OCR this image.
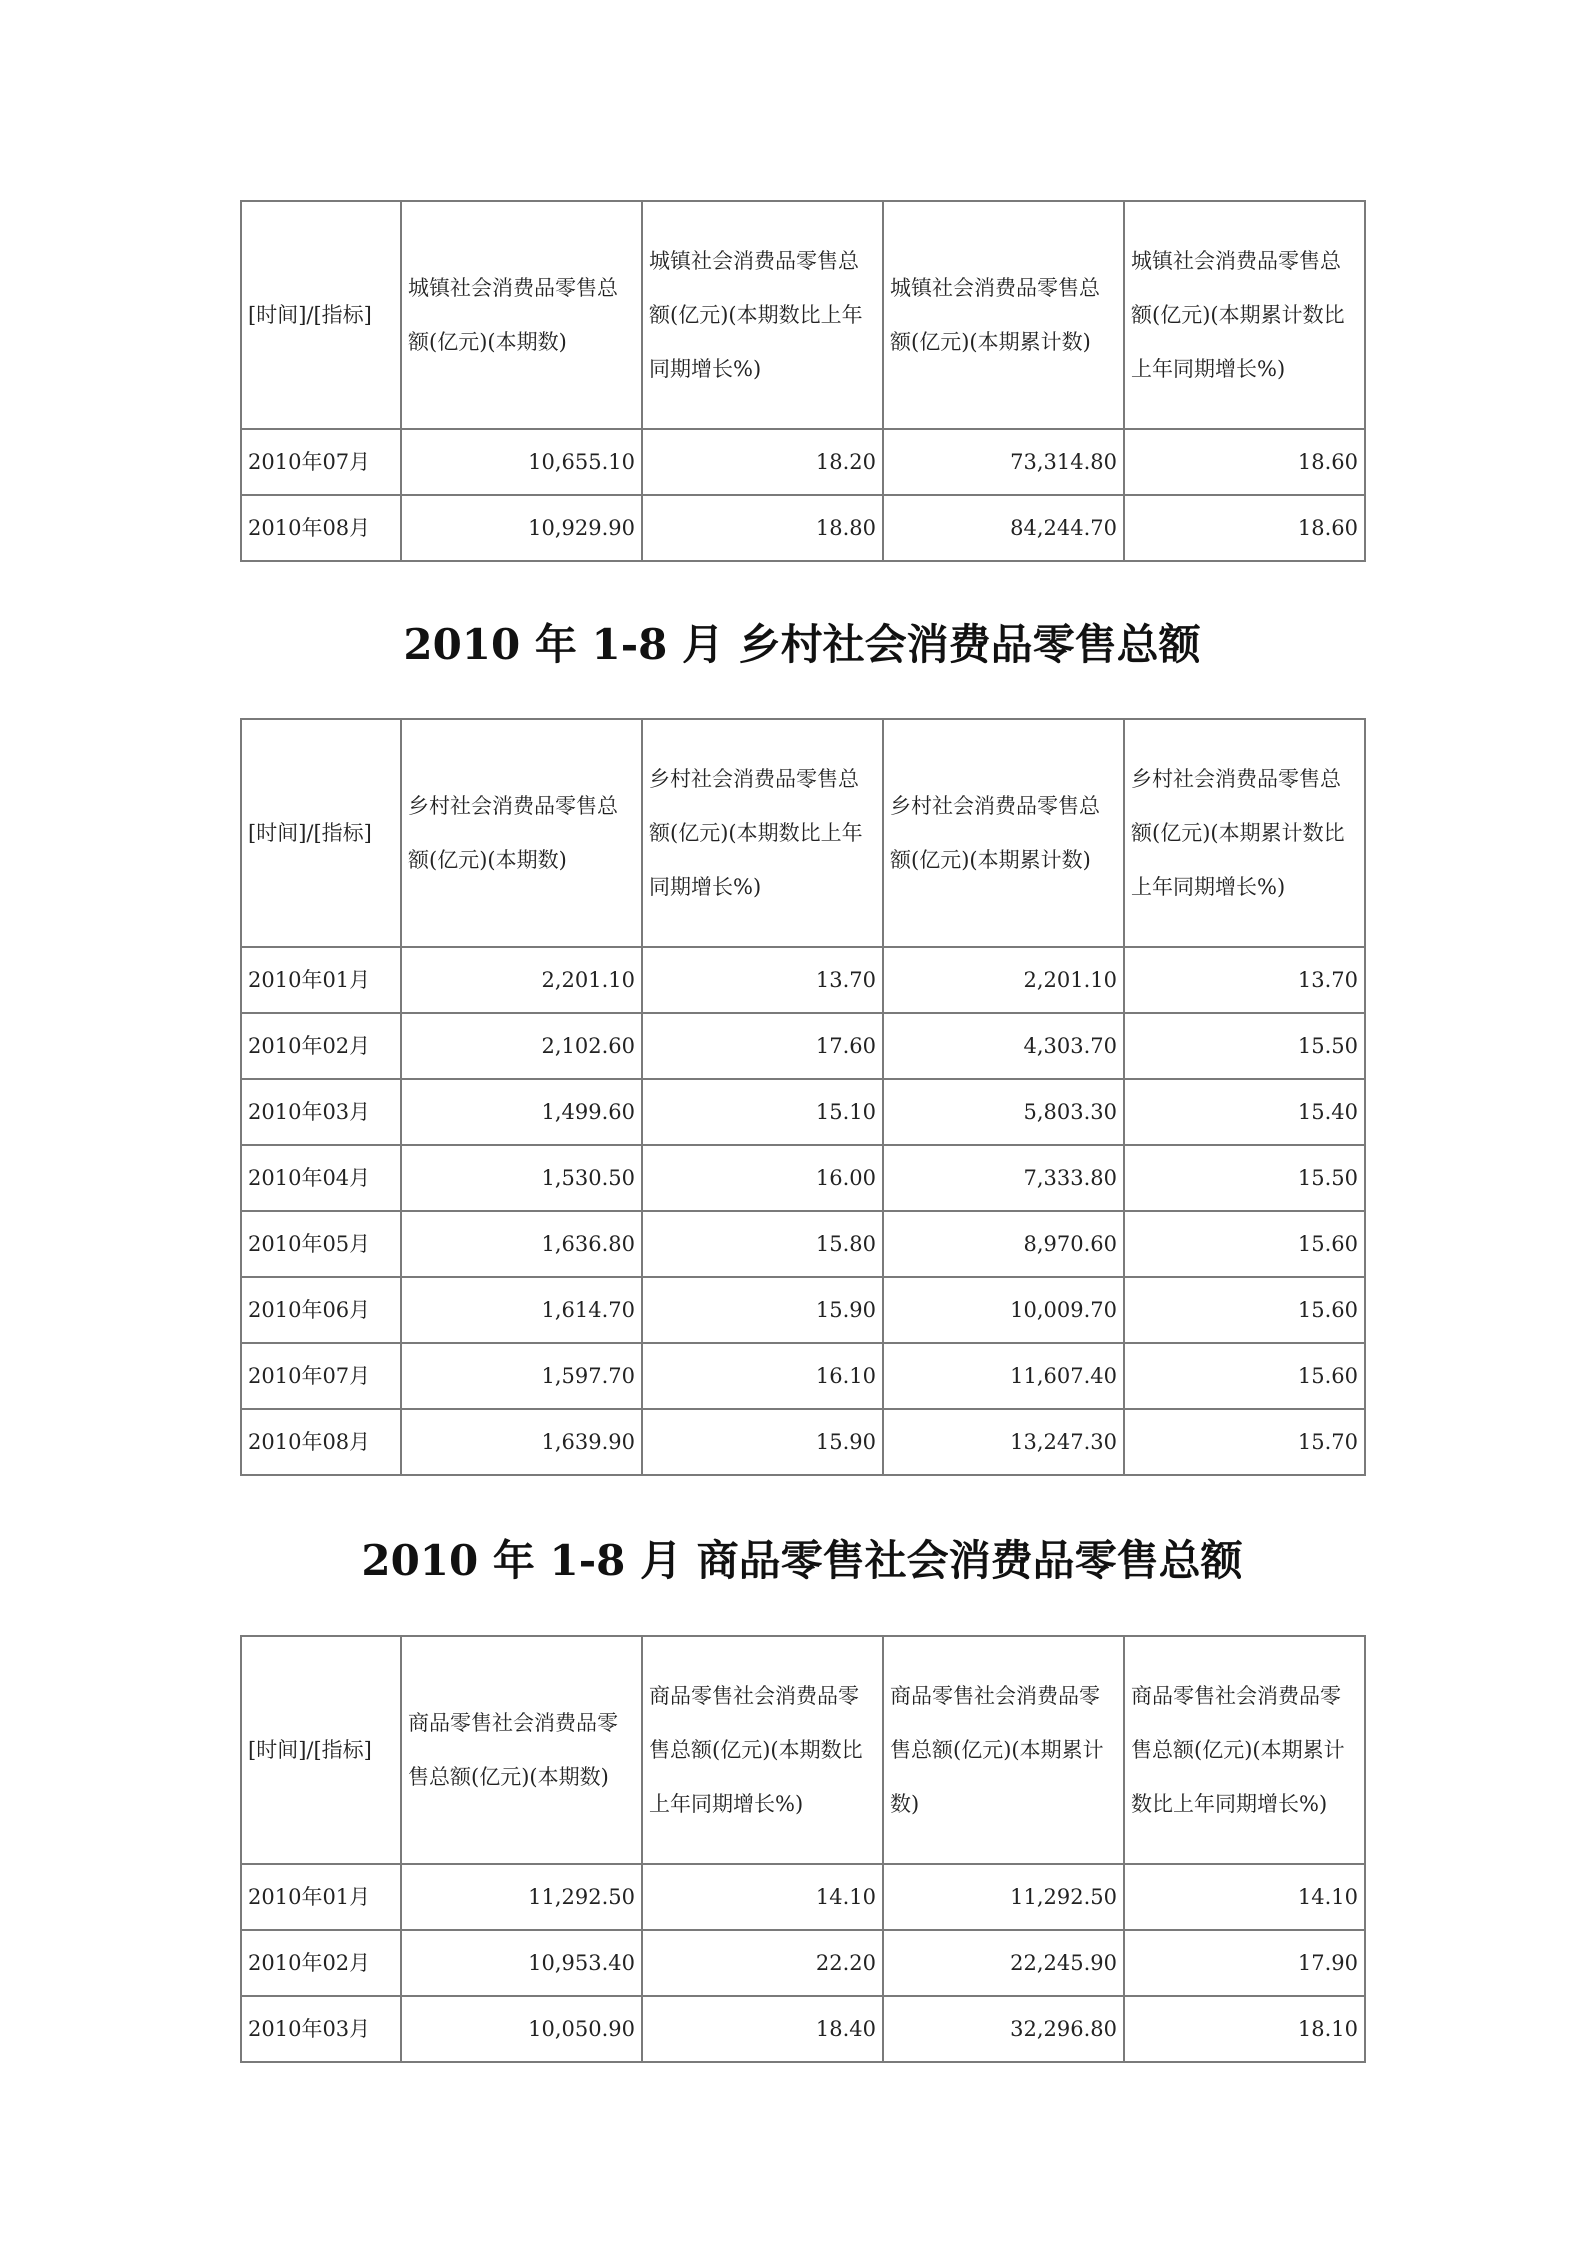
[时间]/[指标]	城镇社会消费品零售总额(亿元)(本期数)	城镇社会消费品零售总额(亿元)(本期数比上年同期增长%)	城镇社会消费品零售总额(亿元)(本期累计数)	城镇社会消费品零售总额(亿元)(本期累计数比上年同期增长%)
2010年07月	10,655.10	18.20	73,314.80	18.60
2010年08月	10,929.90	18.80	84,244.70	18.60
2010 年 1-8 月 乡村社会消费品零售总额
[时间]/[指标]	乡村社会消费品零售总额(亿元)(本期数)	乡村社会消费品零售总额(亿元)(本期数比上年同期增长%)	乡村社会消费品零售总额(亿元)(本期累计数)	乡村社会消费品零售总额(亿元)(本期累计数比上年同期增长%)
2010年01月	2,201.10	13.70	2,201.10	13.70
2010年02月	2,102.60	17.60	4,303.70	15.50
2010年03月	1,499.60	15.10	5,803.30	15.40
2010年04月	1,530.50	16.00	7,333.80	15.50
2010年05月	1,636.80	15.80	8,970.60	15.60
2010年06月	1,614.70	15.90	10,009.70	15.60
2010年07月	1,597.70	16.10	11,607.40	15.60
2010年08月	1,639.90	15.90	13,247.30	15.70
2010 年 1-8 月 商品零售社会消费品零售总额
[时间]/[指标]	商品零售社会消费品零售总额(亿元)(本期数)	商品零售社会消费品零售总额(亿元)(本期数比上年同期增长%)	商品零售社会消费品零售总额(亿元)(本期累计数)	商品零售社会消费品零售总额(亿元)(本期累计数比上年同期增长%)
2010年01月	11,292.50	14.10	11,292.50	14.10
2010年02月	10,953.40	22.20	22,245.90	17.90
2010年03月	10,050.90	18.40	32,296.80	18.10
